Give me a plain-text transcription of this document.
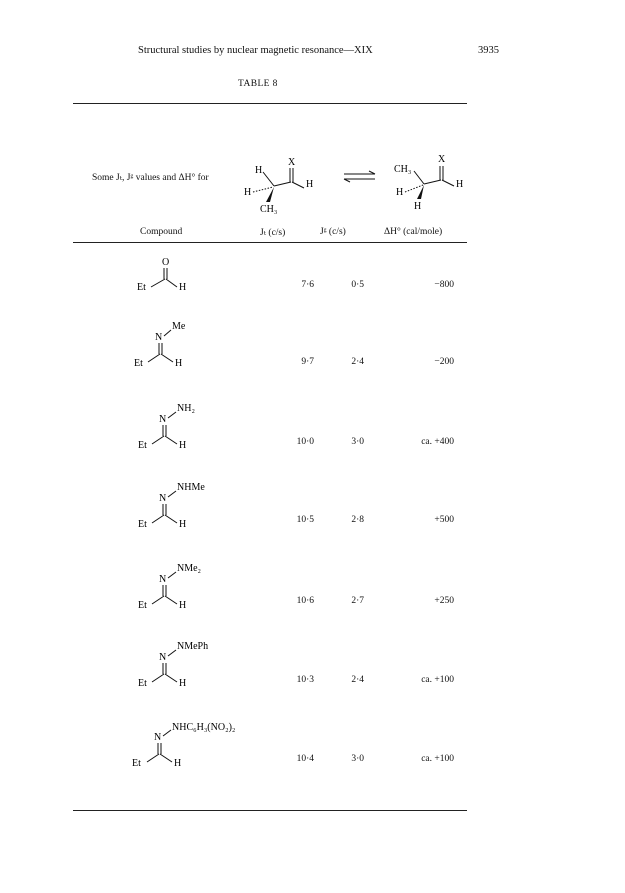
Structural studies by nuclear magnetic resonance—XIX	3935
TABLE 8
Some Jₜ, Jᵍ values and ΔH° for
X
H
H
H
CH₃
X
CH₃
H
H
H
Compound	Jₜ (c/s)	Jᵍ (c/s)	ΔH° (cal/mole)
O
Et	H	7·6	0·5	−800
Me
N
Et	H	9·7	2·4	−200
NH₂
N
Et	H	10·0	3·0	ca. +400
NHMe
N
Et	H	10·5	2·8	+500
NMe₂
N
Et	H	10·6	2·7	+250
NMePh
N
Et	H	10·3	2·4	ca. +100
NHC₆H₃(NO₂)₂
N
Et	H	10·4	3·0	ca. +100
